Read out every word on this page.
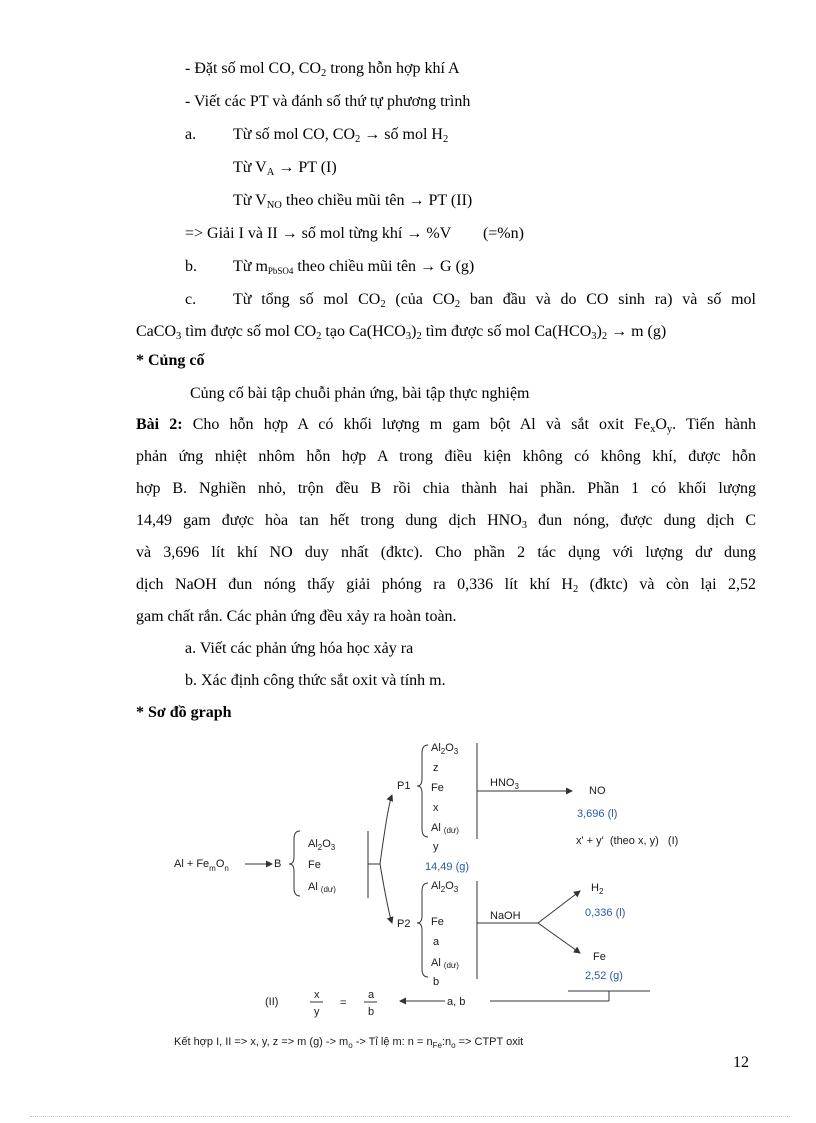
- Đặt số mol CO, $CO_2$ trong hỗn hợp khí A
- Viết các PT và đánh số thứ tự phương trình
a. Từ số mol CO, $CO_2$ → số mol $H_2$
Từ $V_A$ → PT (I)
Từ $V_{NO}$ theo chiều mũi tên → PT (II)
=> Giải I và II → số mol từng khí → %V        (=%n)
b. Từ $m_{PbSO4}$ theo chiều mũi tên → G (g)
c. Từ tổng số mol $CO_2$ (của $CO_2$ ban đầu và do CO sinh ra) và số mol
CaCO$_3$ tìm được số mol $CO_2$ tạo $Ca(HCO_3)_2$ tìm được số mol $Ca(HCO_3)_2 \to m$ (g)
* Củng cố
Củng cố bài tập chuỗi phản ứng, bài tập thực nghiệm
Bài 2: Cho hỗn hợp A có khối lượng m gam bột Al và sắt oxit $Fe_xO_y$. Tiến hành
phản ứng nhiệt nhôm hỗn hợp A trong điều kiện không có không khí, được hỗn
hợp B. Nghiền nhỏ, trộn đều B rồi chia thành hai phần. Phần 1 có khối lượng
14,49 gam được hòa tan hết trong dung dịch $HNO_3$ đun nóng, được dung dịch C
và 3,696 lít khí NO duy nhất (đktc). Cho phần 2 tác dụng với lượng dư dung
dịch NaOH đun nóng thấy giải phóng ra 0,336 lít khí $H_2$ (đktc) và còn lại 2,52
gam chất rắn. Các phản ứng đều xảy ra hoàn toàn.
a. Viết các phản ứng hóa học xảy ra
b. Xác định công thức sắt oxit và tính m.
* Sơ đồ graph
$Al + Fe_mO_n$	B
$Al_2O_3$
Fe
Al (dư)
P1
$Al_2O_3$
z
Fe
x
Al (dư)
y
14,49 (g)
$HNO_3$	NO
3,696 (l)
x' + y'  (theo x, y)   (I)
P2
$Al_2O_3$
Fe
a
Al (dư)
b
NaOH
$H_2$
0,336 (l)
Fe
2,52 (g)
a, b
(II)
x
y
=
a
b
Kết hợp I, II => x, y, z => m $(g) -> m_o$ -> Tỉ lệ m: $n = n_{Fe}:n_o$ => CTPT oxit
12
